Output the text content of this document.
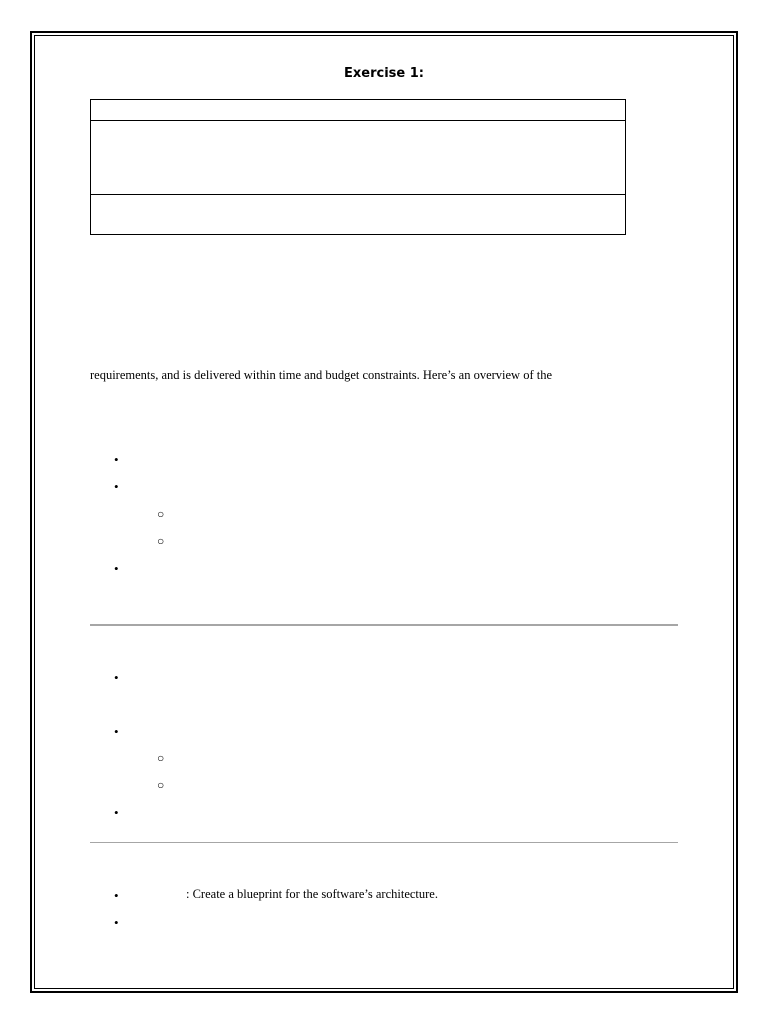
Exercise 1:
requirements, and is delivered within time and budget constraints. Here’s an overview of the
•
•
○
○
•
•
•
○
○
•
•	: Create a blueprint for the software’s architecture.
•
